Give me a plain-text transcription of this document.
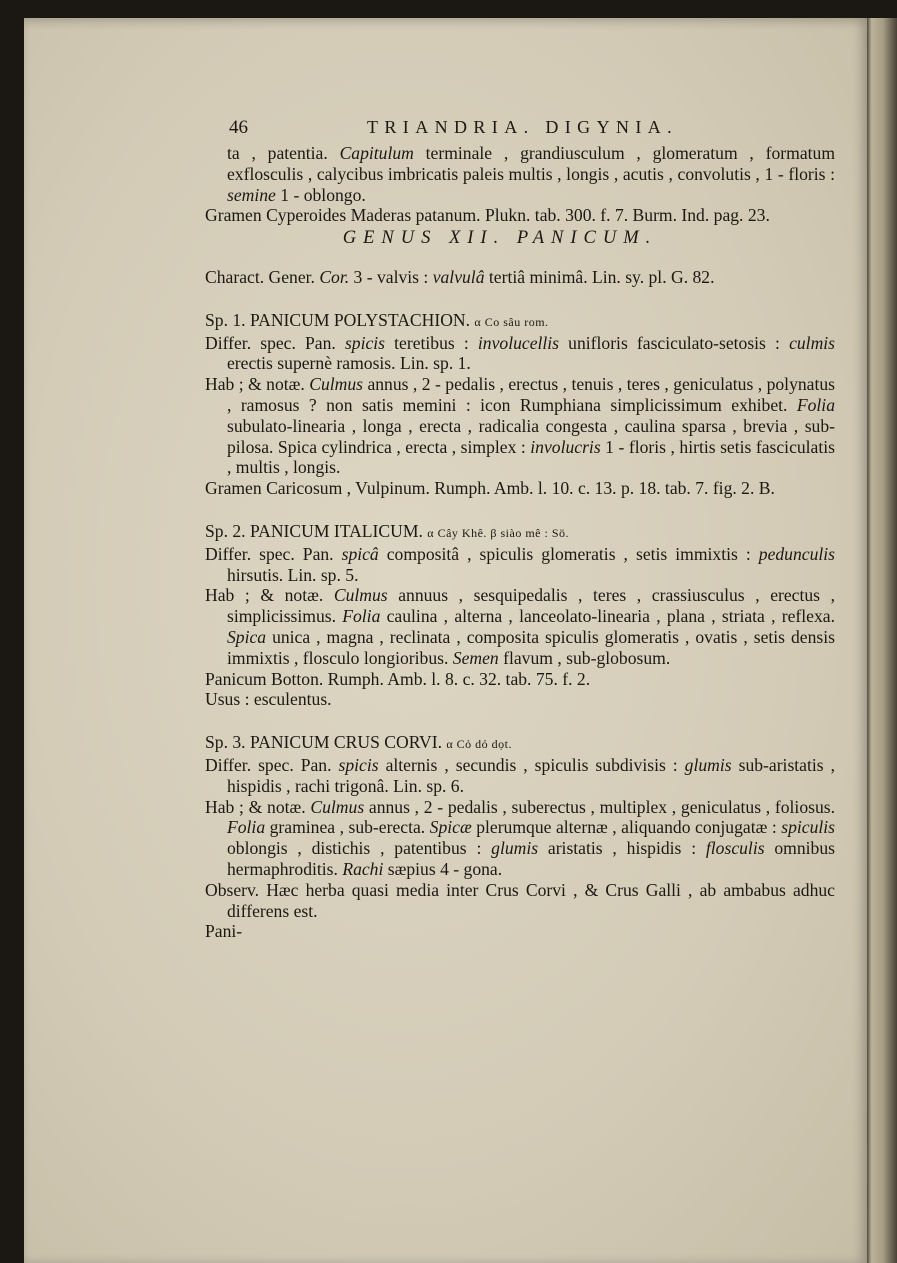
46	TRIANDRIA. DIGYNIA.

ta , patentia. Capitulum terminale , grandiusculum , glomeratum , formatum exflosculis , calycibus imbricatis paleis multis , longis , acutis , convolutis , 1 - floris : semine 1 - oblongo.

Gramen Cyperoides Maderas patanum. Plukn. tab. 300. f. 7. Burm. Ind. pag. 23.

GENUS XII. PANICUM.

Charact. Gener. Cor. 3 - valvis : valvulâ tertiâ minimâ. Lin. sy. pl. G. 82.

Sp. 1. PANICUM POLYSTACHION. α Co sâu rom.

Differ. spec. Pan. spicis teretibus : involucellis unifloris fasciculato-setosis : culmis erectis supernè ramosis. Lin. sp. 1.

Hab ; & notæ. Culmus annus , 2 - pedalis , erectus , tenuis , teres , geniculatus , polynatus , ramosus ? non satis memini : icon Rumphiana simplicissimum exhibet. Folia subulato-linearia , longa , erecta , radicalia congesta , caulina sparsa , brevia , sub-pilosa. Spica cylindrica , erecta , simplex : involucris 1 - floris , hirtis setis fasciculatis , multis , longis.

Gramen Caricosum , Vulpinum. Rumph. Amb. l. 10. c. 13. p. 18. tab. 7. fig. 2. B.

Sp. 2. PANICUM ITALICUM. α Cây Khê. β siào mê : Sö.

Differ. spec. Pan. spicâ compositâ , spiculis glomeratis , setis immixtis : pedunculis hirsutis. Lin. sp. 5.

Hab ; & notæ. Culmus annuus , sesquipedalis , teres , crassiusculus , erectus , simplicissimus. Folia caulina , alterna , lanceolato-linearia , plana , striata , reflexa. Spica unica , magna , reclinata , composita spiculis glomeratis , ovatis , setis densis immixtis , flosculo longioribus. Semen flavum , sub-globosum.

Panicum Botton. Rumph. Amb. l. 8. c. 32. tab. 75. f. 2.

Usus : esculentus.

Sp. 3. PANICUM CRUS CORVI. α Cỏ dỏ dọt.

Differ. spec. Pan. spicis alternis , secundis , spiculis subdivisis : glumis sub-aristatis , hispidis , rachi trigonâ. Lin. sp. 6.

Hab ; & notæ. Culmus annus , 2 - pedalis , suberectus , multiplex , geniculatus , foliosus. Folia graminea , sub-erecta. Spicæ plerumque alternæ , aliquando conjugatæ : spiculis oblongis , distichis , patentibus : glumis aristatis , hispidis : flosculis omnibus hermaphroditis. Rachi sæpius 4 - gona.

Observ. Hæc herba quasi media inter Crus Corvi , & Crus Galli , ab ambabus adhuc differens est.

Pani-
